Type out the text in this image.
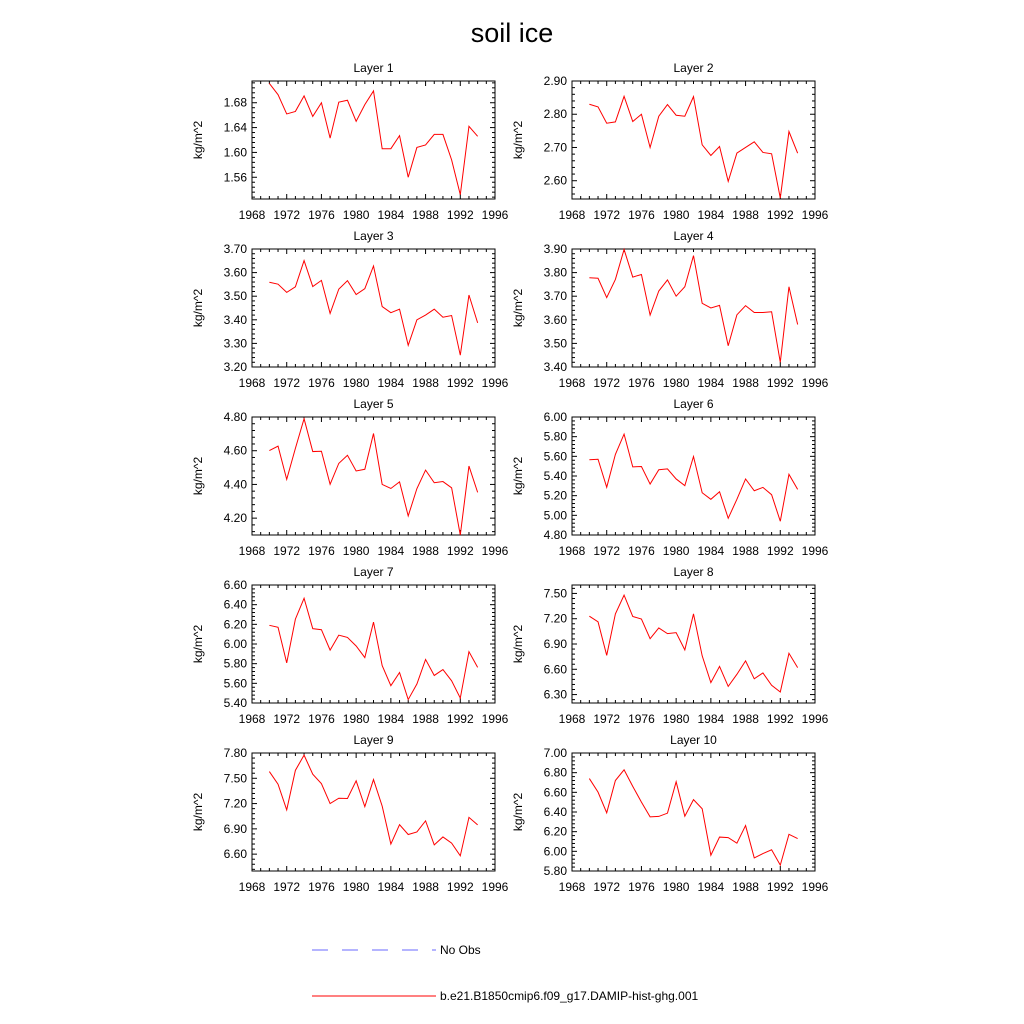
soil ice
Layer 1
1968 1972 1976 1980 1984 1988 1992 1996
1.56
1.60
1.64
1.68
kg/m^2
Layer 2
1968 1972 1976 1980 1984 1988 1992 1996
2.60
2.70
2.80
2.90
kg/m^2
Layer 3
1968 1972 1976 1980 1984 1988 1992 1996
3.20
3.30
3.40
3.50
3.60
3.70
kg/m^2
Layer 4
1968 1972 1976 1980 1984 1988 1992 1996
3.40
3.50
3.60
3.70
3.80
3.90
kg/m^2
Layer 5
1968 1972 1976 1980 1984 1988 1992 1996
4.20
4.40
4.60
4.80
kg/m^2
Layer 6
1968 1972 1976 1980 1984 1988 1992 1996
4.80
5.00
5.20
5.40
5.60
5.80
6.00
kg/m^2
Layer 7
1968 1972 1976 1980 1984 1988 1992 1996
5.40
5.60
5.80
6.00
6.20
6.40
6.60
kg/m^2
Layer 8
1968 1972 1976 1980 1984 1988 1992 1996
6.30
6.60
6.90
7.20
7.50
kg/m^2
Layer 9
1968 1972 1976 1980 1984 1988 1992 1996
6.60
6.90
7.20
7.50
7.80
kg/m^2
Layer 10
1968 1972 1976 1980 1984 1988 1992 1996
5.80
6.00
6.20
6.40
6.60
6.80
7.00
kg/m^2
No Obs
b.e21.B1850cmip6.f09_g17.DAMIP-hist-ghg.001
